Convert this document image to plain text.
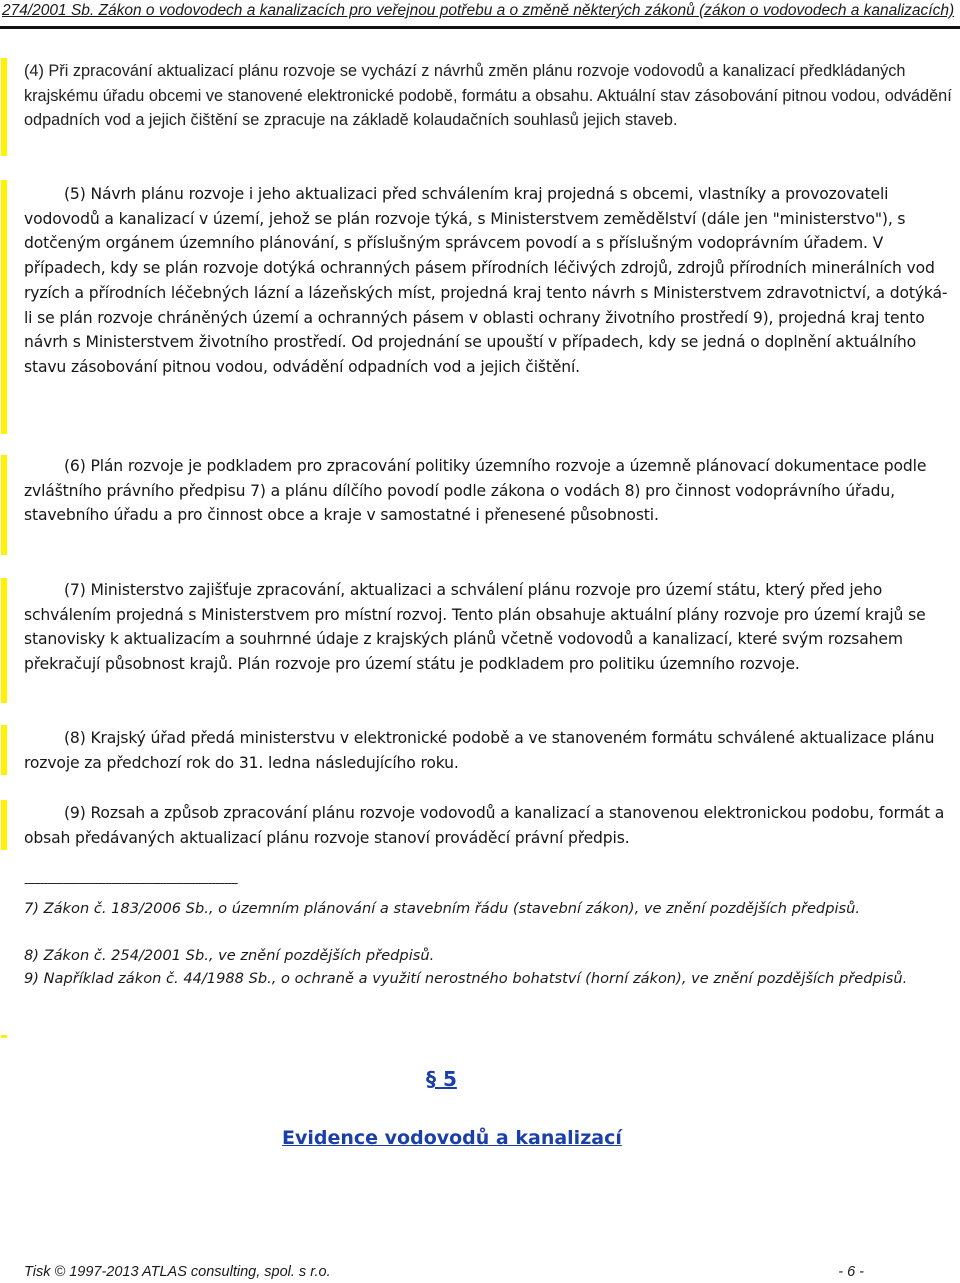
274/2001 Sb. Zákon o vodovodech a kanalizacích pro veřejnou potřebu a o změně některých zákonů (zákon o vodovodech a kanalizacích)

(4) Při zpracování aktualizací plánu rozvoje se vychází z návrhů změn plánu rozvoje vodovodů a kanalizací předkládaných krajskému úřadu obcemi ve stanovené elektronické podobě, formátu a obsahu. Aktuální stav zásobování pitnou vodou, odvádění odpadních vod a jejich čištění se zpracuje na základě kolaudačních souhlasů jejich staveb.

(5) Návrh plánu rozvoje i jeho aktualizaci před schválením kraj projedná s obcemi, vlastníky a provozovateli vodovodů a kanalizací v území, jehož se plán rozvoje týká, s Ministerstvem zemědělství (dále jen "ministerstvo"), s dotčeným orgánem územního plánování, s příslušným správcem povodí a s příslušným vodoprávním úřadem. V případech, kdy se plán rozvoje dotýká ochranných pásem přírodních léčivých zdrojů, zdrojů přírodních minerálních vod ryzích a přírodních léčebných lázní a lázeňských míst, projedná kraj tento návrh s Ministerstvem zdravotnictví, a dotýká-li se plán rozvoje chráněných území a ochranných pásem v oblasti ochrany životního prostředí 9), projedná kraj tento návrh s Ministerstvem životního prostředí. Od projednání se upouští v případech, kdy se jedná o doplnění aktuálního stavu zásobování pitnou vodou, odvádění odpadních vod a jejich čištění.

(6) Plán rozvoje je podkladem pro zpracování politiky územního rozvoje a územně plánovací dokumentace podle zvláštního právního předpisu 7) a plánu dílčího povodí podle zákona o vodách 8) pro činnost vodoprávního úřadu, stavebního úřadu a pro činnost obce a kraje v samostatné i přenesené působnosti.

(7) Ministerstvo zajišťuje zpracování, aktualizaci a schválení plánu rozvoje pro území státu, který před jeho schválením projedná s Ministerstvem pro místní rozvoj. Tento plán obsahuje aktuální plány rozvoje pro území krajů se stanovisky k aktualizacím a souhrnné údaje z krajských plánů včetně vodovodů a kanalizací, které svým rozsahem překračují působnost krajů. Plán rozvoje pro území státu je podkladem pro politiku územního rozvoje.

(8) Krajský úřad předá ministerstvu v elektronické podobě a ve stanoveném formátu schválené aktualizace plánu rozvoje za předchozí rok do 31. ledna následujícího roku.

(9) Rozsah a způsob zpracování plánu rozvoje vodovodů a kanalizací a stanovenou elektronickou podobu, formát a obsah předávaných aktualizací plánu rozvoje stanoví prováděcí právní předpis.

------------------------------------------------------------------

7) Zákon č. 183/2006 Sb., o územním plánování a stavebním řádu (stavební zákon), ve znění pozdějších předpisů.

8) Zákon č. 254/2001 Sb., ve znění pozdějších předpisů.

9) Například zákon č. 44/1988 Sb., o ochraně a využití nerostného bohatství (horní zákon), ve znění pozdějších předpisů.

§ 5
Evidence vodovodů a kanalizací
Tisk © 1997-2013 ATLAS consulting, spol. s r.o.	- 6 -
